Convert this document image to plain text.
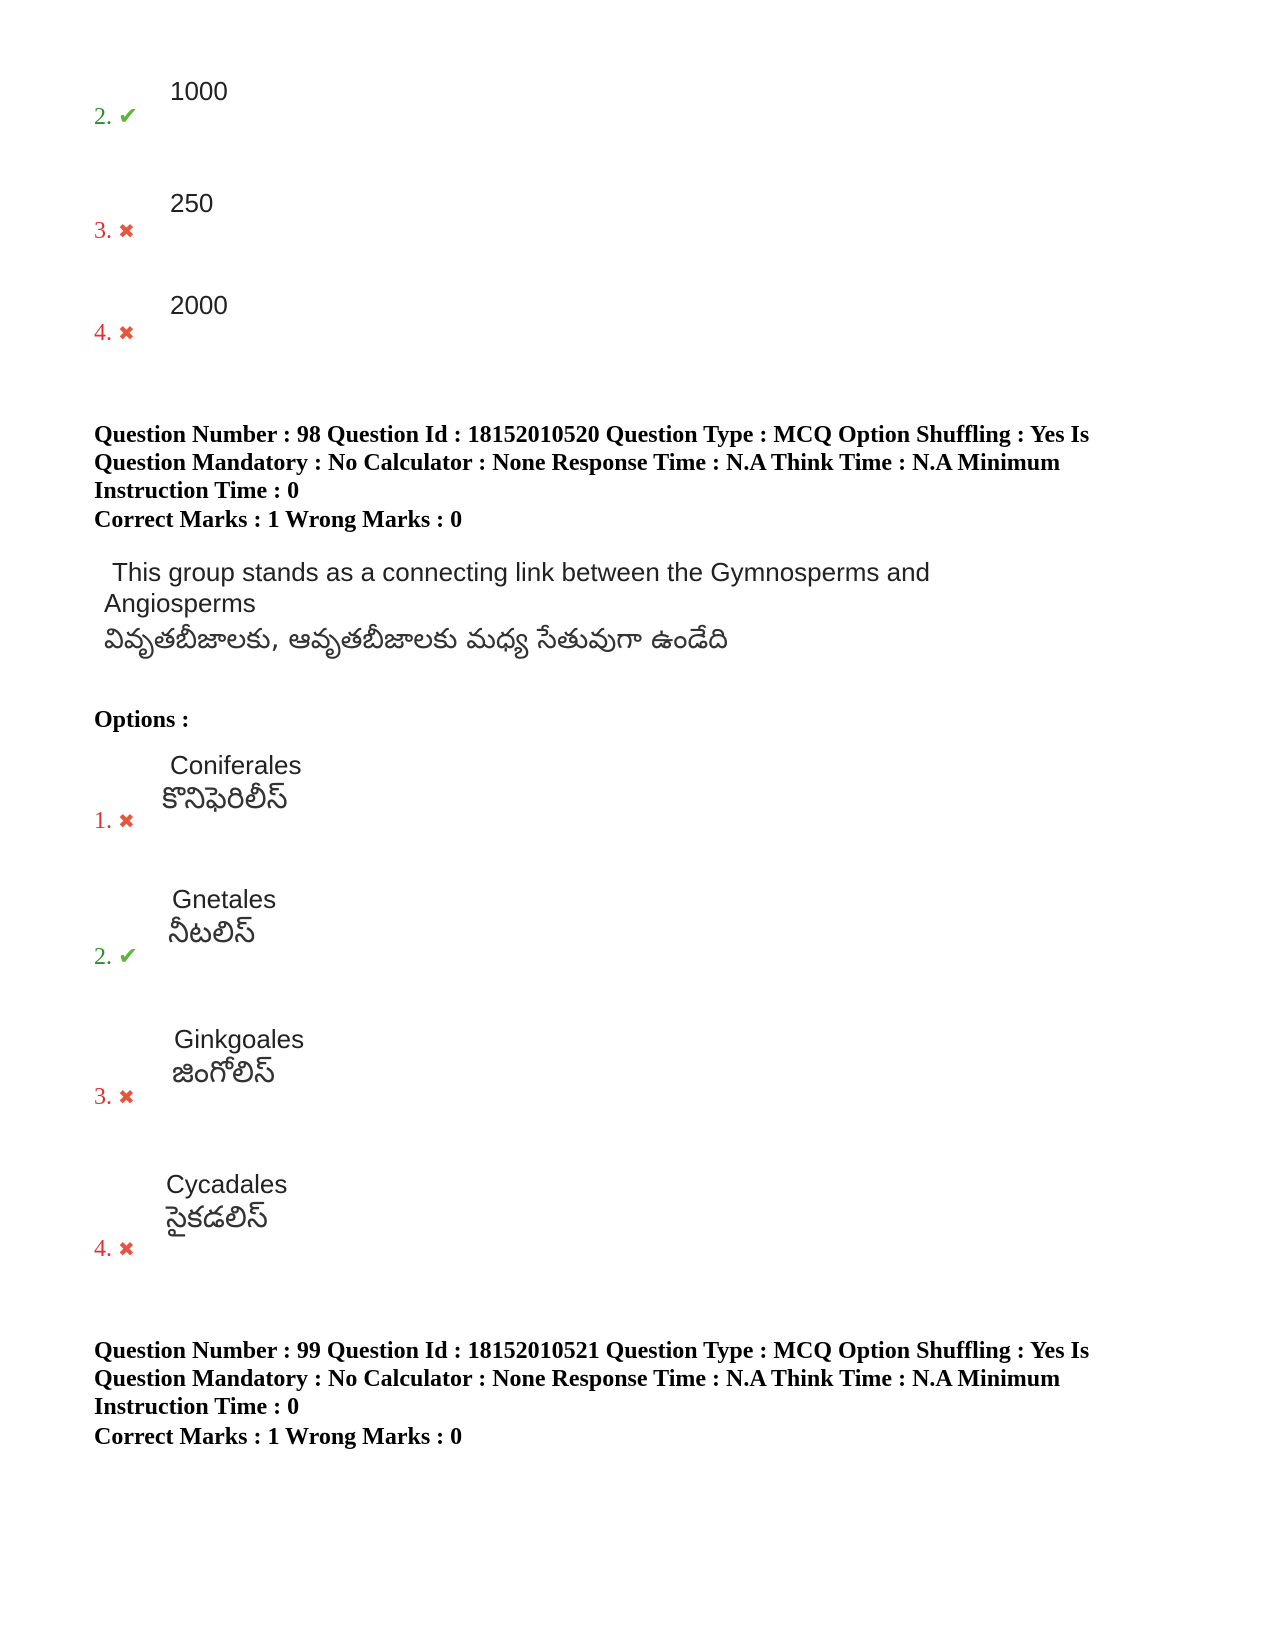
1000
2. ✔
250
3. ✖
2000
4. ✖
Question Number : 98 Question Id : 18152010520 Question Type : MCQ Option Shuffling : Yes Is
Question Mandatory : No Calculator : None Response Time : N.A Think Time : N.A Minimum
Instruction Time : 0
Correct Marks : 1 Wrong Marks : 0
This group stands as a connecting link between the Gymnosperms and
Angiosperms
వివృతబీజాలకు, ఆవృతబీజాలకు మధ్య సేతువుగా ఉండేది
Options :
Coniferales
కొనిఫెరిలీస్
1. ✖
Gnetales
నీటలిస్
2. ✔
Ginkgoales
జింగోలిస్
3. ✖
Cycadales
సైకడలిస్
4. ✖
Question Number : 99 Question Id : 18152010521 Question Type : MCQ Option Shuffling : Yes Is
Question Mandatory : No Calculator : None Response Time : N.A Think Time : N.A Minimum
Instruction Time : 0
Correct Marks : 1 Wrong Marks : 0
